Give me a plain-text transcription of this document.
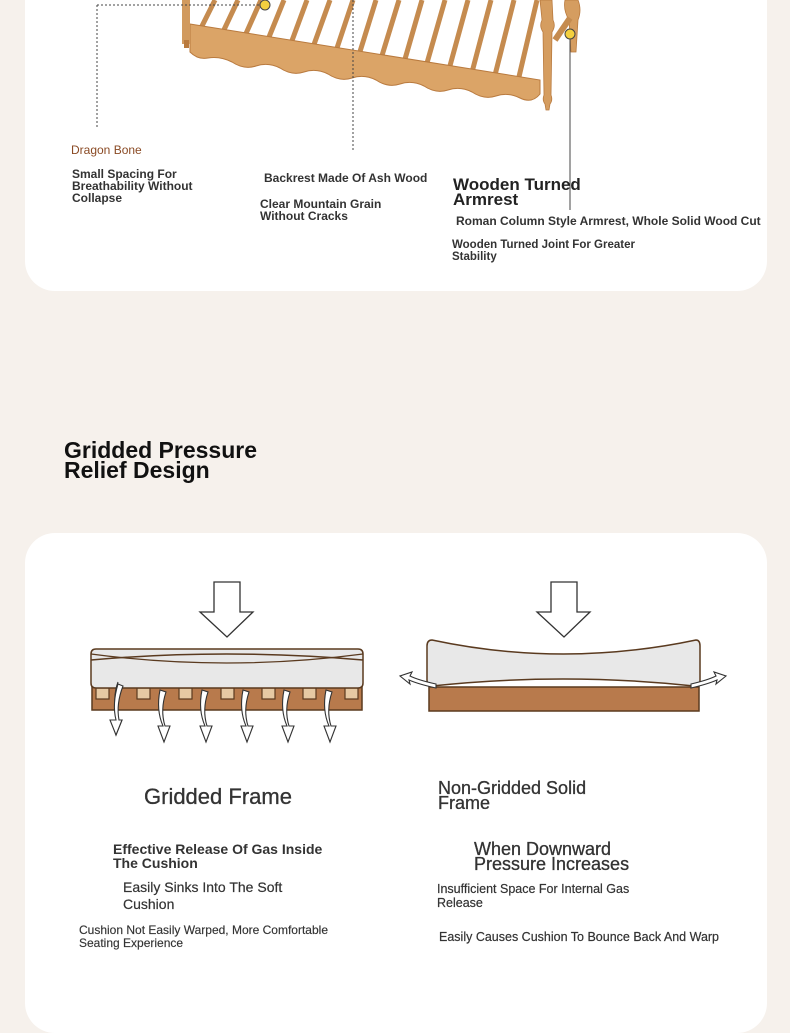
Dragon Bone
Small Spacing For Breathability Without Collapse
Backrest Made Of Ash Wood
Clear Mountain Grain Without Cracks
Wooden Turned Armrest
Roman Column Style Armrest, Whole Solid Wood Cut
Wooden Turned Joint For Greater Stability
Gridded Pressure Relief Design
Gridded Frame
Effective Release Of Gas Inside The Cushion
Easily Sinks Into The Soft Cushion
Cushion Not Easily Warped, More Comfortable Seating Experience
Non-Gridded Solid Frame
When Downward Pressure Increases
Insufficient Space For Internal Gas Release
Easily Causes Cushion To Bounce Back And Warp
